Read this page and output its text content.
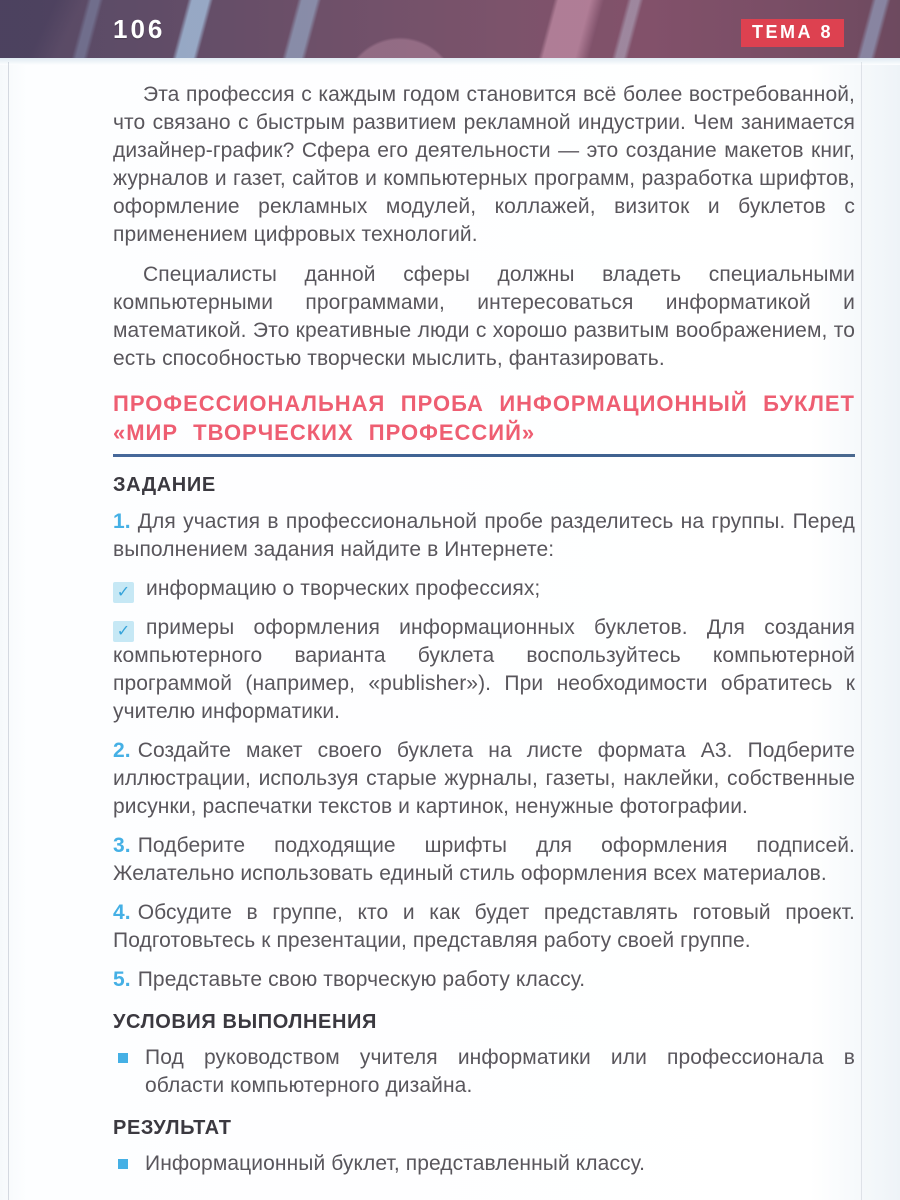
106	ТЕМА 8

Эта профессия с каждым годом становится всё более востребованной, что связано с быстрым развитием рекламной индустрии. Чем занимается дизайнер-график? Сфера его деятельности — это создание макетов книг, журналов и газет, сайтов и компьютерных программ, разработка шрифтов, оформление рекламных модулей, коллажей, визиток и буклетов с применением цифровых технологий.

Специалисты данной сферы должны владеть специальными компьютерными программами, интересоваться информатикой и математикой. Это креативные люди с хорошо развитым воображением, то есть способностью творчески мыслить, фантазировать.

ПРОФЕССИОНАЛЬНАЯ ПРОБА ИНФОРМАЦИОННЫЙ БУКЛЕТ «МИР ТВОРЧЕСКИХ ПРОФЕССИЙ»
ЗАДАНИЕ

1. Для участия в профессиональной пробе разделитесь на группы. Перед выполнением задания найдите в Интернете:

✓ информацию о творческих профессиях;

✓ примеры оформления информационных буклетов. Для создания компьютерного варианта буклета воспользуйтесь компьютерной программой (например, «publisher»). При необходимости обратитесь к учителю информатики.

2. Создайте макет своего буклета на листе формата А3. Подберите иллюстрации, используя старые журналы, газеты, наклейки, собственные рисунки, распечатки текстов и картинок, ненужные фотографии.

3. Подберите подходящие шрифты для оформления подписей. Желательно использовать единый стиль оформления всех материалов.

4. Обсудите в группе, кто и как будет представлять готовый проект. Подготовьтесь к презентации, представляя работу своей группе.

5. Представьте свою творческую работу классу.

УСЛОВИЯ ВЫПОЛНЕНИЯ
Под руководством учителя информатики или профессионала в области компьютерного дизайна.
РЕЗУЛЬТАТ
Информационный буклет, представленный классу.
